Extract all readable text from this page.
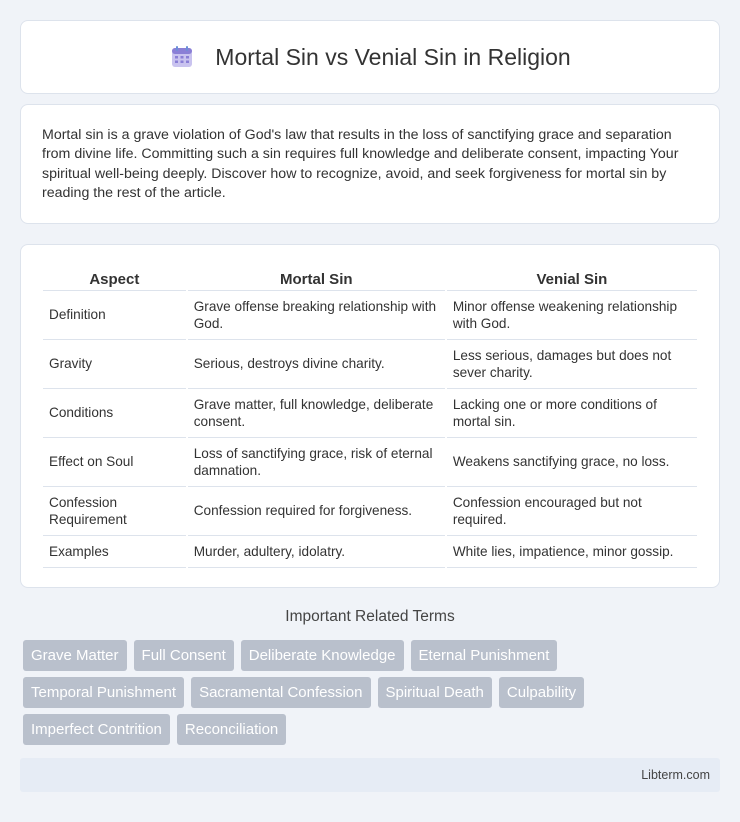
Mortal Sin vs Venial Sin in Religion

Mortal sin is a grave violation of God's law that results in the loss of sanctifying grace and separation from divine life. Committing such a sin requires full knowledge and deliberate consent, impacting Your spiritual well-being deeply. Discover how to recognize, avoid, and seek forgiveness for mortal sin by reading the rest of the article.

Aspect	Mortal Sin	Venial Sin
Definition	Grave offense breaking relationship with God.	Minor offense weakening relationship with God.
Gravity	Serious, destroys divine charity.	Less serious, damages but does not sever charity.
Conditions	Grave matter, full knowledge, deliberate consent.	Lacking one or more conditions of mortal sin.
Effect on Soul	Loss of sanctifying grace, risk of eternal damnation.	Weakens sanctifying grace, no loss.
Confession Requirement	Confession required for forgiveness.	Confession encouraged but not required.
Examples	Murder, adultery, idolatry.	White lies, impatience, minor gossip.
Important Related Terms
Grave Matter	Full Consent	Deliberate Knowledge	Eternal Punishment
Temporal Punishment	Sacramental Confession	Spiritual Death	Culpability
Imperfect Contrition	Reconciliation
Libterm.com
